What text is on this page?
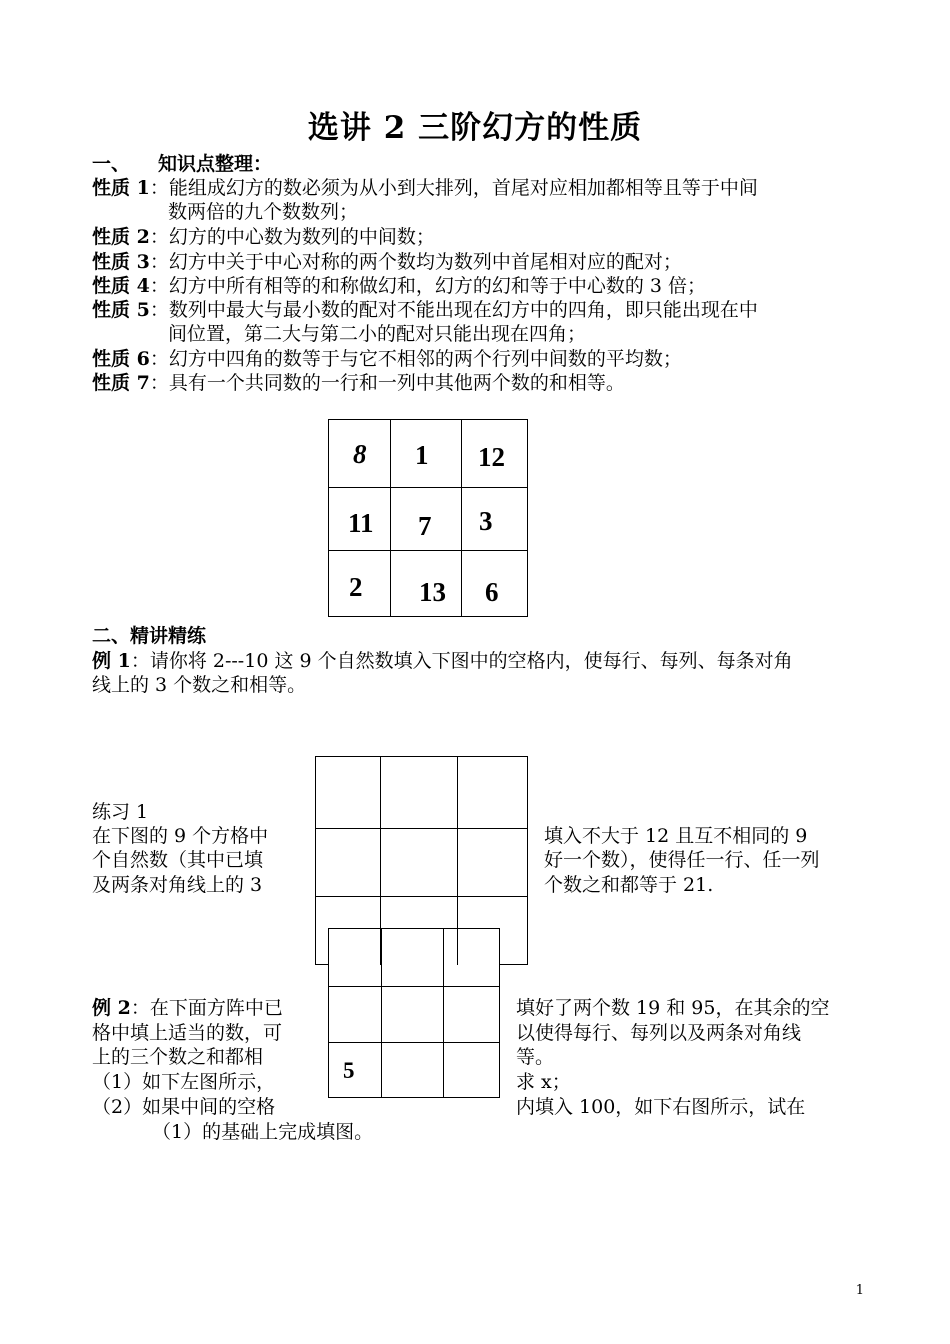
选讲 2 三阶幻方的性质
一、 知识点整理：
性质 1：能组成幻方的数必须为从小到大排列，首尾对应相加都相等且等于中间
数两倍的九个数数列；
性质 2：幻方的中心数为数列的中间数；
性质 3：幻方中关于中心对称的两个数均为数列中首尾相对应的配对；
性质 4：幻方中所有相等的和称做幻和，幻方的幻和等于中心数的 3 倍；
性质 5：数列中最大与最小数的配对不能出现在幻方中的四角，即只能出现在中
间位置，第二大与第二小的配对只能出现在四角；
性质 6：幻方中四角的数等于与它不相邻的两个行列中间数的平均数；
性质 7：具有一个共同数的一行和一列中其他两个数的和相等。
8 1 12
11 7 3
2 13 6
二、精讲精练
例 1：请你将 2---10 这 9 个自然数填入下图中的空格内，使每行、每列、每条对角
线上的 3 个数之和相等。
练习 1
在下图的 9 个方格中
个自然数（其中已填
及两条对角线上的 3
填入不大于 12 且互不相同的 9
好一个数），使得任一行、任一列
个数之和都等于 21.
5
例 2：在下面方阵中已
格中填上适当的数，可
上的三个数之和都相
（1）如下左图所示，
（2）如果中间的空格
填好了两个数 19 和 95，在其余的空
以使得每行、每列以及两条对角线
等。
求 x；
内填入 100，如下右图所示，试在
（1）的基础上完成填图。
1
